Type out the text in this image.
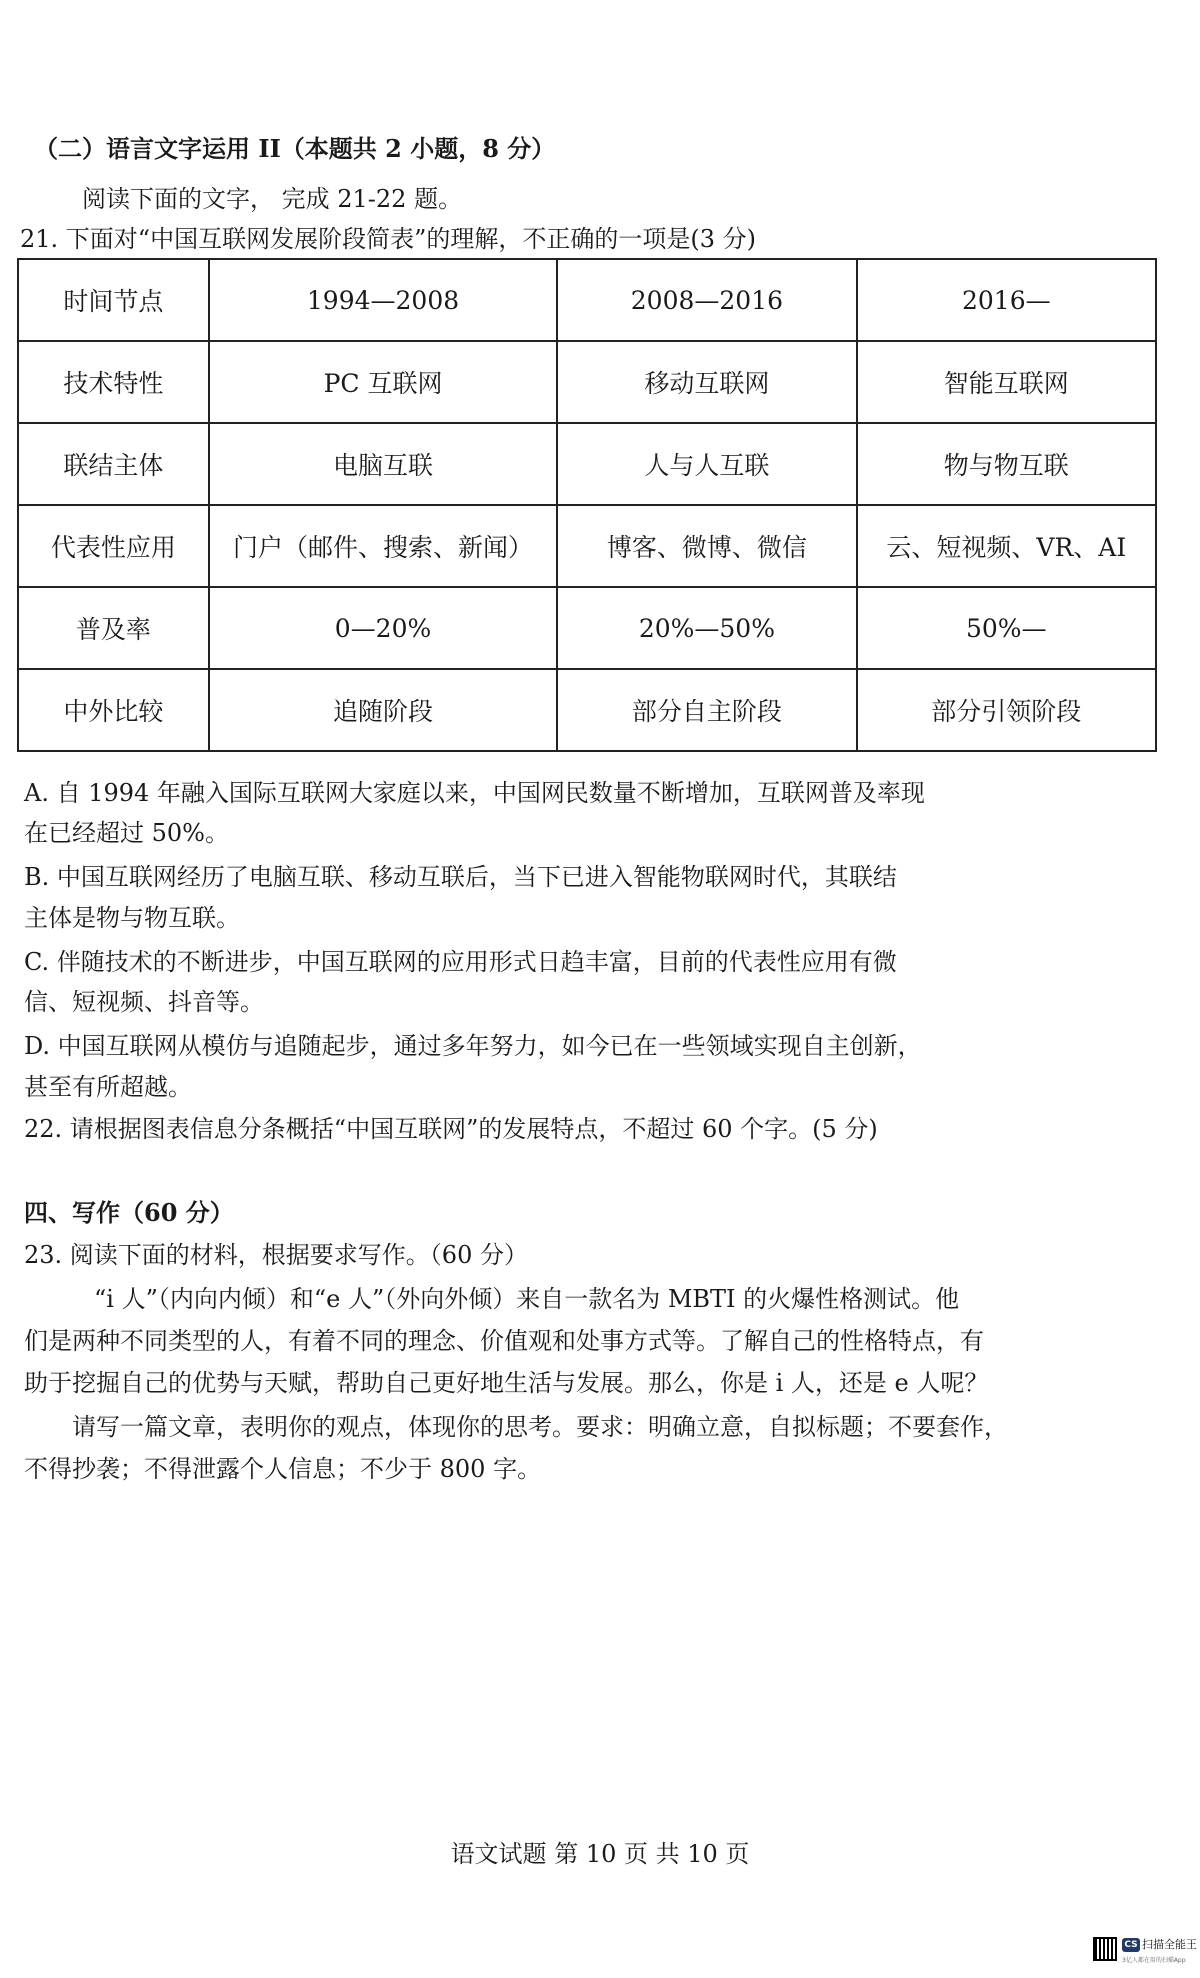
（二）语言文字运用 II（本题共 2 小题，8 分）
阅读下面的文字， 完成 21-22 题。
21. 下面对“中国互联网发展阶段简表”的理解，不正确的一项是(3 分)
时间节点	1994—2008	2008—2016	2016—
技术特性	PC 互联网	移动互联网	智能互联网
联结主体	电脑互联	人与人互联	物与物互联
代表性应用	门户（邮件、搜索、新闻）	博客、微博、微信	云、短视频、VR、AI
普及率	0—20%	20%—50%	50%—
中外比较	追随阶段	部分自主阶段	部分引领阶段
A. 自 1994 年融入国际互联网大家庭以来，中国网民数量不断增加，互联网普及率现
在已经超过 50%。
B. 中国互联网经历了电脑互联、移动互联后，当下已进入智能物联网时代，其联结
主体是物与物互联。
C. 伴随技术的不断进步，中国互联网的应用形式日趋丰富，目前的代表性应用有微
信、短视频、抖音等。
D. 中国互联网从模仿与追随起步，通过多年努力，如今已在一些领域实现自主创新，
甚至有所超越。
22. 请根据图表信息分条概括“中国互联网”的发展特点，不超过 60 个字。(5 分)
四、写作（60 分）
23. 阅读下面的材料，根据要求写作。（60 分）
“i 人”（内向内倾）和“e 人”（外向外倾）来自一款名为 MBTI 的火爆性格测试。他
们是两种不同类型的人，有着不同的理念、价值观和处事方式等。了解自己的性格特点，有
助于挖掘自己的优势与天赋，帮助自己更好地生活与发展。那么，你是 i 人，还是 e 人呢？
请写一篇文章，表明你的观点，体现你的思考。要求：明确立意，自拟标题；不要套作，
不得抄袭；不得泄露个人信息；不少于 800 字。
语文试题 第 10 页 共 10 页
CS 扫描全能王
3亿人都在用的扫描App
